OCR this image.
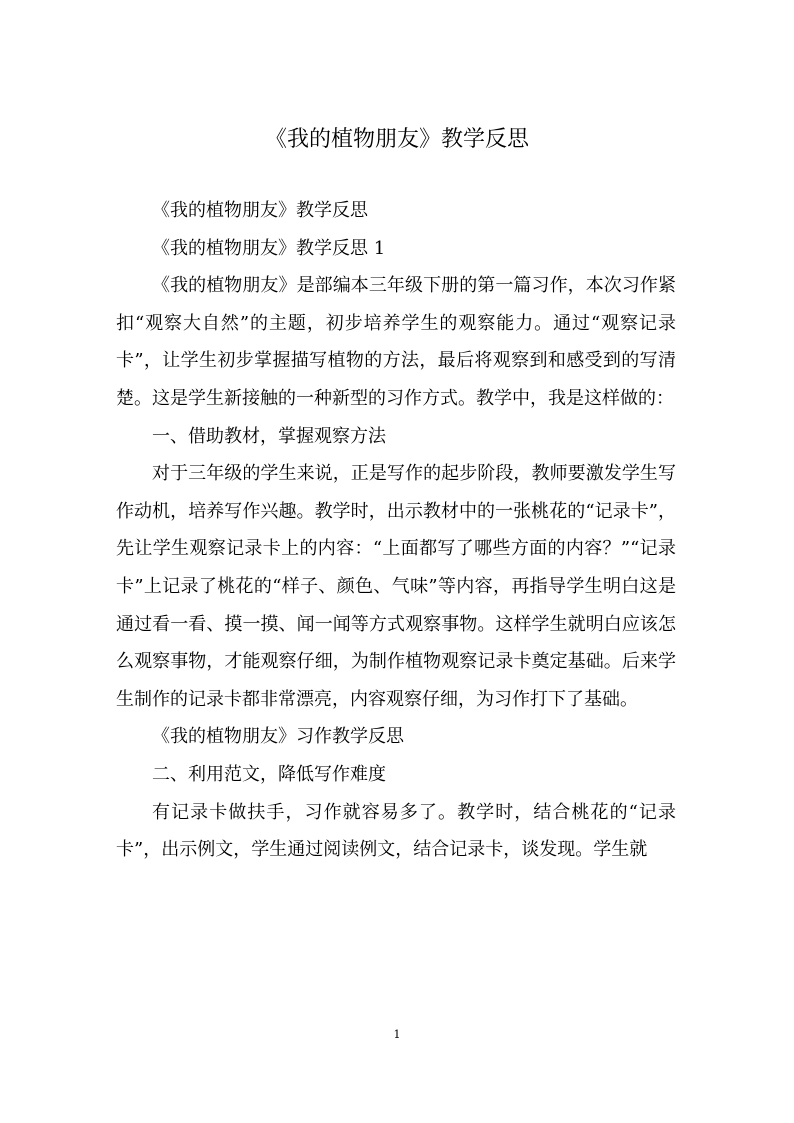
《我的植物朋友》教学反思

《我的植物朋友》教学反思

《我的植物朋友》教学反思 1

《我的植物朋友》是部编本三年级下册的第一篇习作，本次习作紧扣“观察大自然”的主题，初步培养学生的观察能力。通过“观察记录卡”，让学生初步掌握描写植物的方法，最后将观察到和感受到的写清楚。这是学生新接触的一种新型的习作方式。教学中，我是这样做的：

一、借助教材，掌握观察方法

对于三年级的学生来说，正是写作的起步阶段，教师要激发学生写作动机，培养写作兴趣。教学时，出示教材中的一张桃花的“记录卡”，先让学生观察记录卡上的内容：“上面都写了哪些方面的内容？”“记录卡”上记录了桃花的“样子、颜色、气味”等内容，再指导学生明白这是通过看一看、摸一摸、闻一闻等方式观察事物。这样学生就明白应该怎么观察事物，才能观察仔细，为制作植物观察记录卡奠定基础。后来学生制作的记录卡都非常漂亮，内容观察仔细，为习作打下了基础。

《我的植物朋友》习作教学反思

二、利用范文，降低写作难度

有记录卡做扶手，习作就容易多了。教学时，结合桃花的“记录卡”，出示例文，学生通过阅读例文，结合记录卡，谈发现。学生就

1
